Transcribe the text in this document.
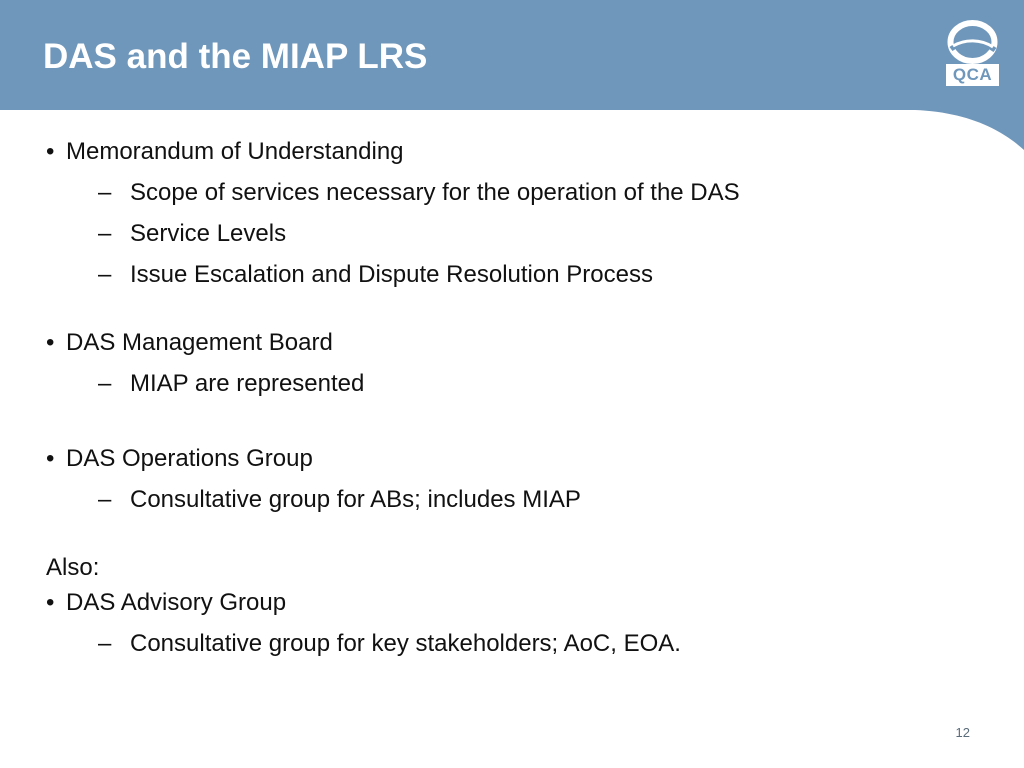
DAS and the MIAP LRS	QCA
• Memorandum of Understanding
– Scope of services necessary for the operation of the DAS
– Service Levels
– Issue Escalation and Dispute Resolution Process
• DAS Management Board
– MIAP are represented
• DAS Operations Group
– Consultative group for ABs; includes MIAP
Also:
• DAS Advisory Group
– Consultative group for key stakeholders; AoC, EOA.
12
